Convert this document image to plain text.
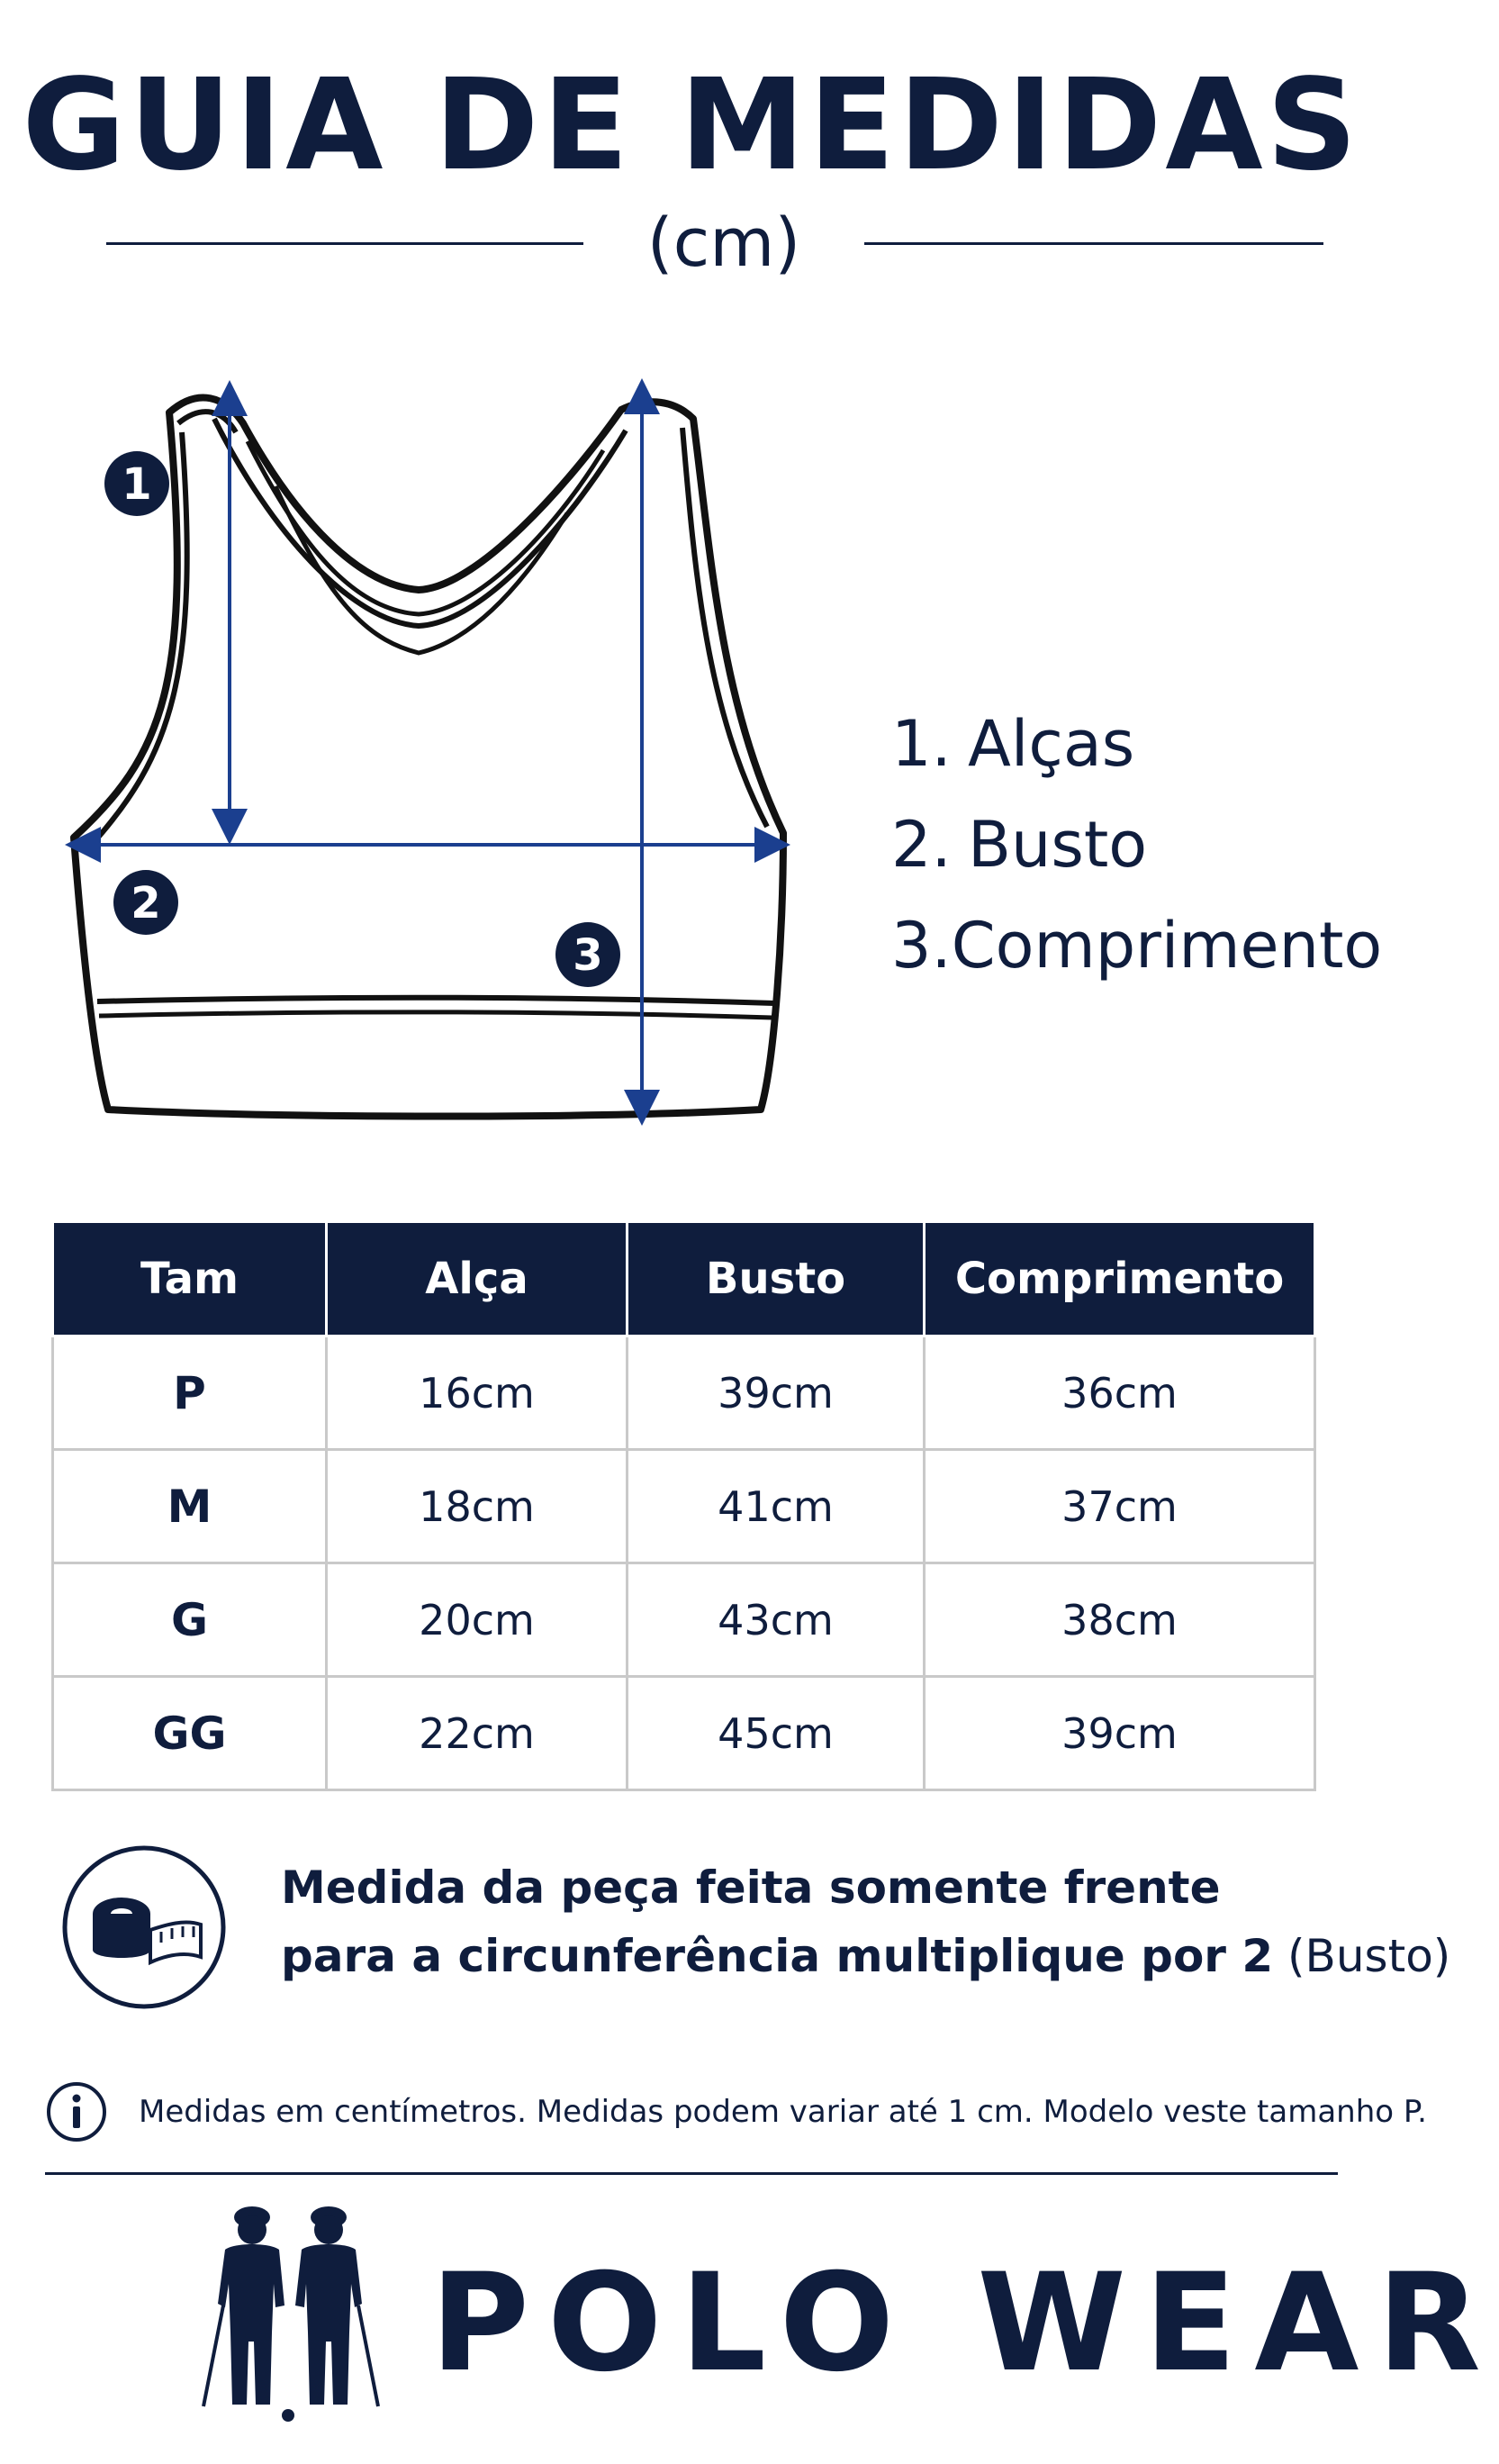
GUIA DE MEDIDAS
(cm)
1
2
3
1. Alças
2. Busto
3. Comprimento
Tam	Alça	Busto	Comprimento
P	16cm	39cm	36cm
M	18cm	41cm	37cm
G	20cm	43cm	38cm
GG	22cm	45cm	39cm
Medida da peça feita somente frente
para a circunferência multiplique por 2 (Busto)
Medidas em centímetros. Medidas podem variar até 1 cm. Modelo veste tamanho P.
POLO WEAR
